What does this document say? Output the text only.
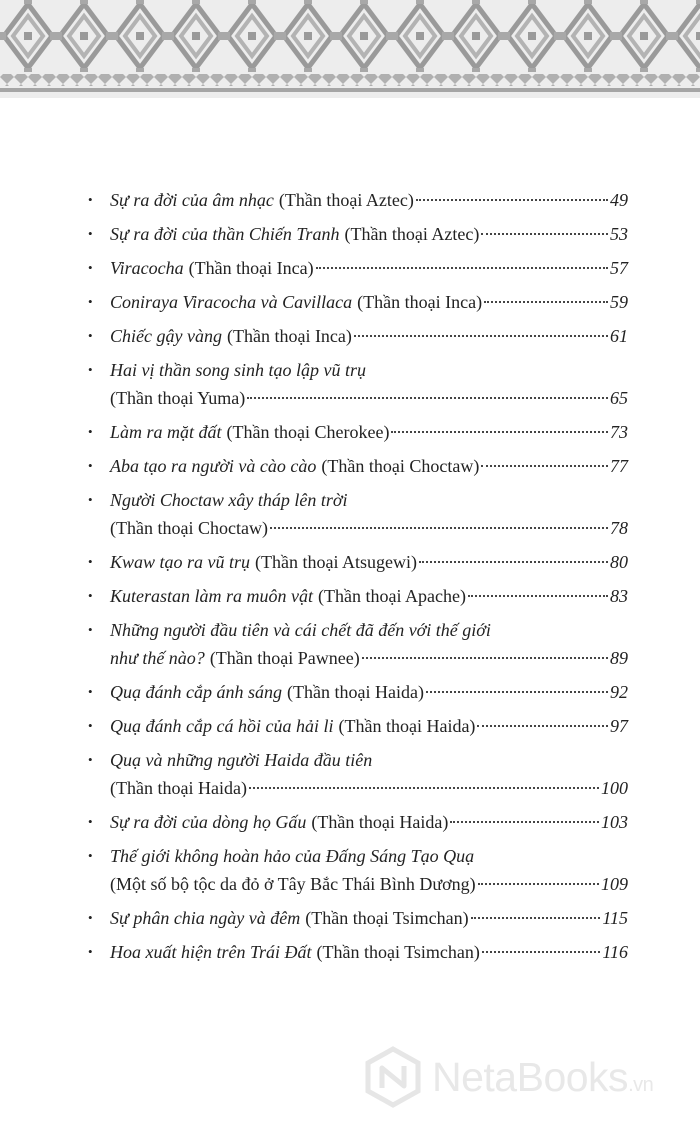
• Sự ra đời của âm nhạc (Thần thoại Aztec)	49
• Sự ra đời của thần Chiến Tranh (Thần thoại Aztec)	53
• Viracocha (Thần thoại Inca)	57
• Coniraya Viracocha và Cavillaca (Thần thoại Inca)	59
• Chiếc gậy vàng (Thần thoại Inca)	61
• Hai vị thần song sinh tạo lập vũ trụ
(Thần thoại Yuma)	65
• Làm ra mặt đất (Thần thoại Cherokee)	73
• Aba tạo ra người và cào cào (Thần thoại Choctaw)	77
• Người Choctaw xây tháp lên trời
(Thần thoại Choctaw)	78
• Kwaw tạo ra vũ trụ (Thần thoại Atsugewi)	80
• Kuterastan làm ra muôn vật (Thần thoại Apache)	83
• Những người đầu tiên và cái chết đã đến với thế giới
như thế nào? (Thần thoại Pawnee)	89
• Quạ đánh cắp ánh sáng (Thần thoại Haida)	92
• Quạ đánh cắp cá hồi của hải li (Thần thoại Haida)	97
• Quạ và những người Haida đầu tiên
(Thần thoại Haida)	100
• Sự ra đời của dòng họ Gấu (Thần thoại Haida)	103
• Thế giới không hoàn hảo của Đấng Sáng Tạo Quạ
(Một số bộ tộc da đỏ ở Tây Bắc Thái Bình Dương)	109
• Sự phân chia ngày và đêm (Thần thoại Tsimchan)	115
• Hoa xuất hiện trên Trái Đất (Thần thoại Tsimchan)	116
NetaBooks.vn
